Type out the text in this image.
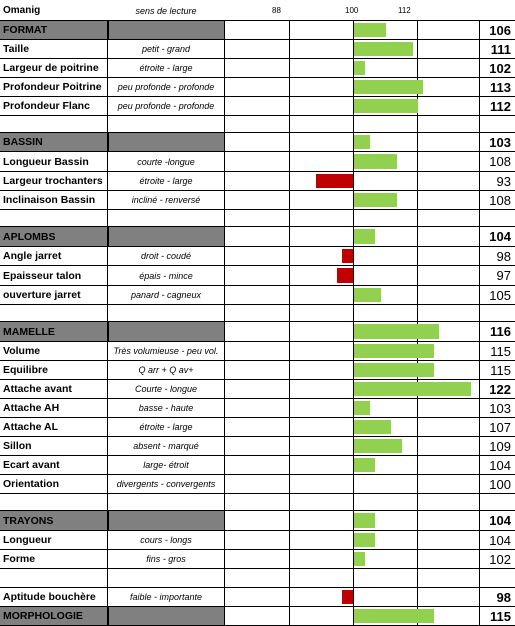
Omanig	sens de lecture	88	100	112
FORMAT	106
Taille	petit - grand	111
Largeur de poitrine	étroite - large	102
Profondeur Poitrine	peu profonde - profonde	113
Profondeur Flanc	peu profonde - profonde	112
BASSIN	103
Longueur Bassin	courte -longue	108
Largeur trochanters	étroite - large	93
Inclinaison Bassin	incliné - renversé	108
APLOMBS	104
Angle jarret	droit - coudé	98
Epaisseur talon	épais - mince	97
ouverture jarret	panard - cagneux	105
MAMELLE	116
Volume	Très volumieuse - peu vol.	115
Equilibre	Q arr + Q av+	115
Attache avant	Courte - longue	122
Attache AH	basse - haute	103
Attache AL	étroite - large	107
Sillon	absent - marqué	109
Ecart avant	large- étroit	104
Orientation	divergents - convergents	100
TRAYONS	104
Longueur	cours - longs	104
Forme	fins - gros	102
Aptitude bouchère	faible - importante	98
MORPHOLOGIE	115
